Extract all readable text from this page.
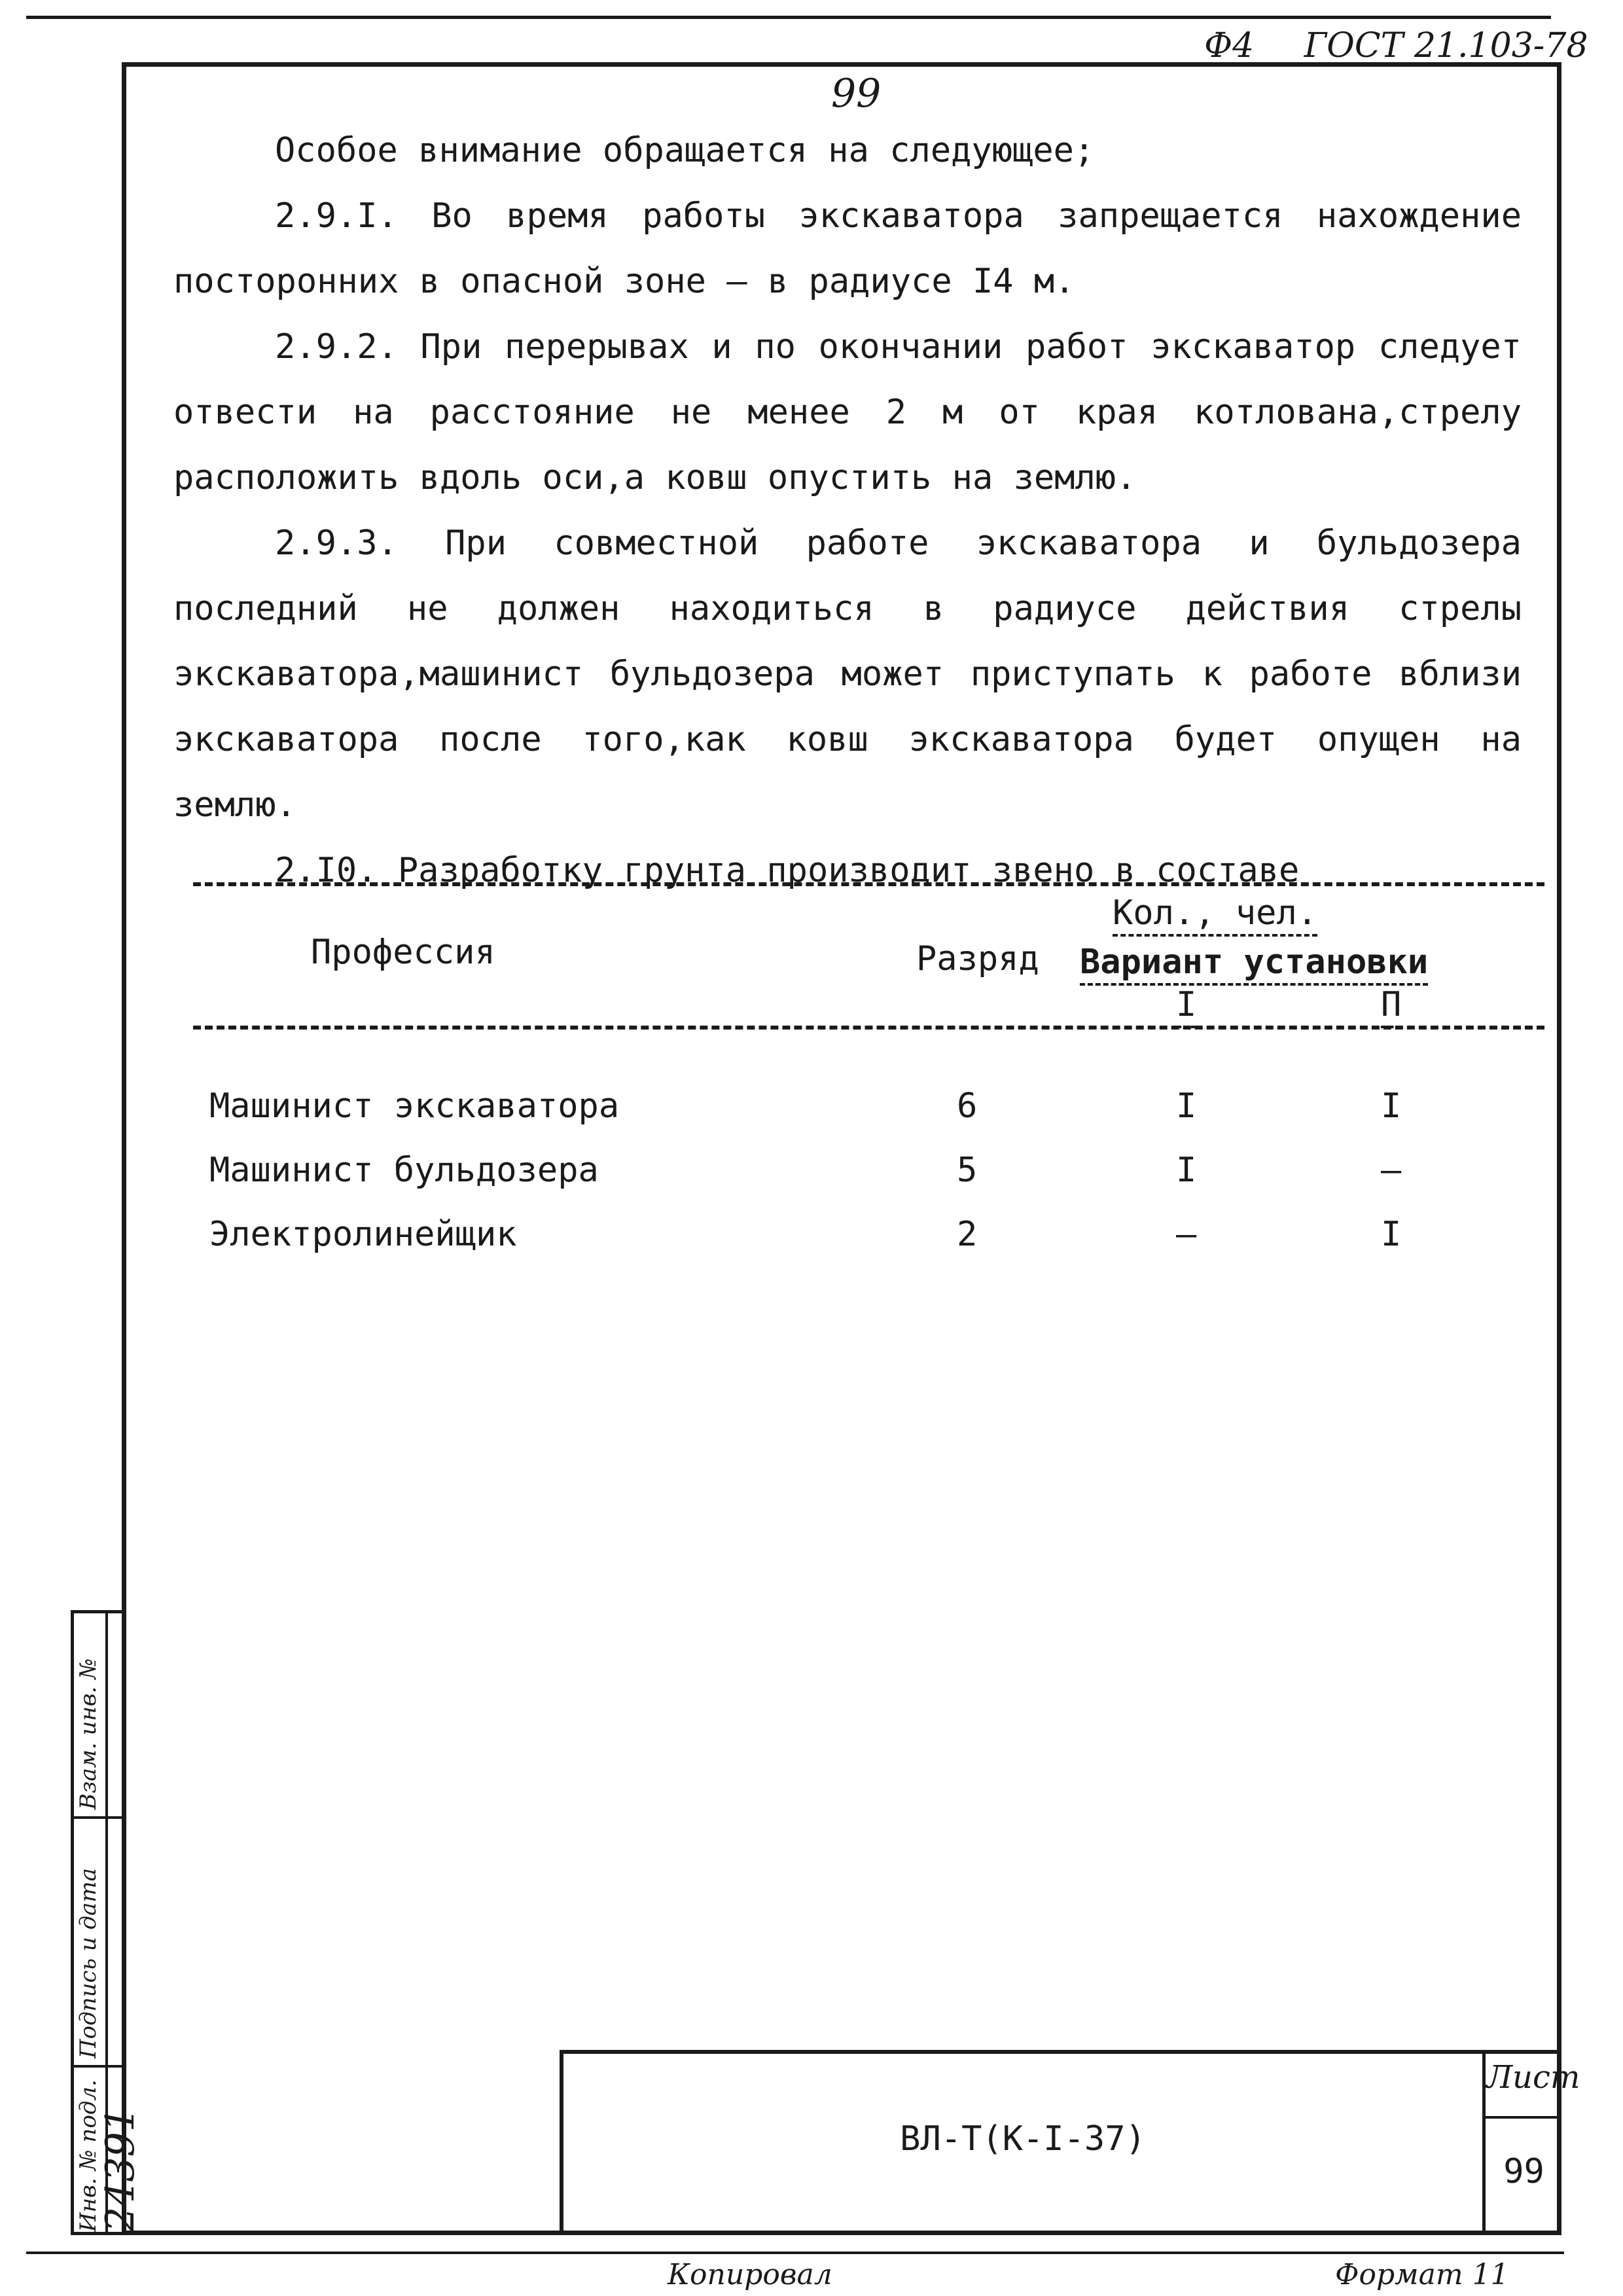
Ф4 ГОСТ 21.103-78
99

Особое внимание обращается на следующее;

2.9.I. Во время работы экскаватора запрещается нахождение посторонних в опасной зоне – в радиусе I4 м.

2.9.2. При перерывах и по окончании работ экскаватор следует отвести на расстояние не менее 2 м от края котлована,стрелу расположить вдоль оси,а ковш опустить на землю.

2.9.3. При совместной работе экскаватора и бульдозера последний не должен находиться в радиусе действия стрелы экскаватора,машинист бульдозера может приступать к работе вблизи экскаватора после того,как ковш экскаватора будет опущен на землю.

2.I0. Разработку грунта производит звено в составе

Профессия	Разряд
Кол., чел.
Вариант установки
I	П
Машинист экскаватора	6	I	I
Машинист бульдозера	5	I	–
Электролинейщик	2	–	I
Взам. инв. №
Подпись и дата
Инв. № подл.
24391	ВЛ-Т(К-I-37)
Лист
99
Копировал	Формат 11
